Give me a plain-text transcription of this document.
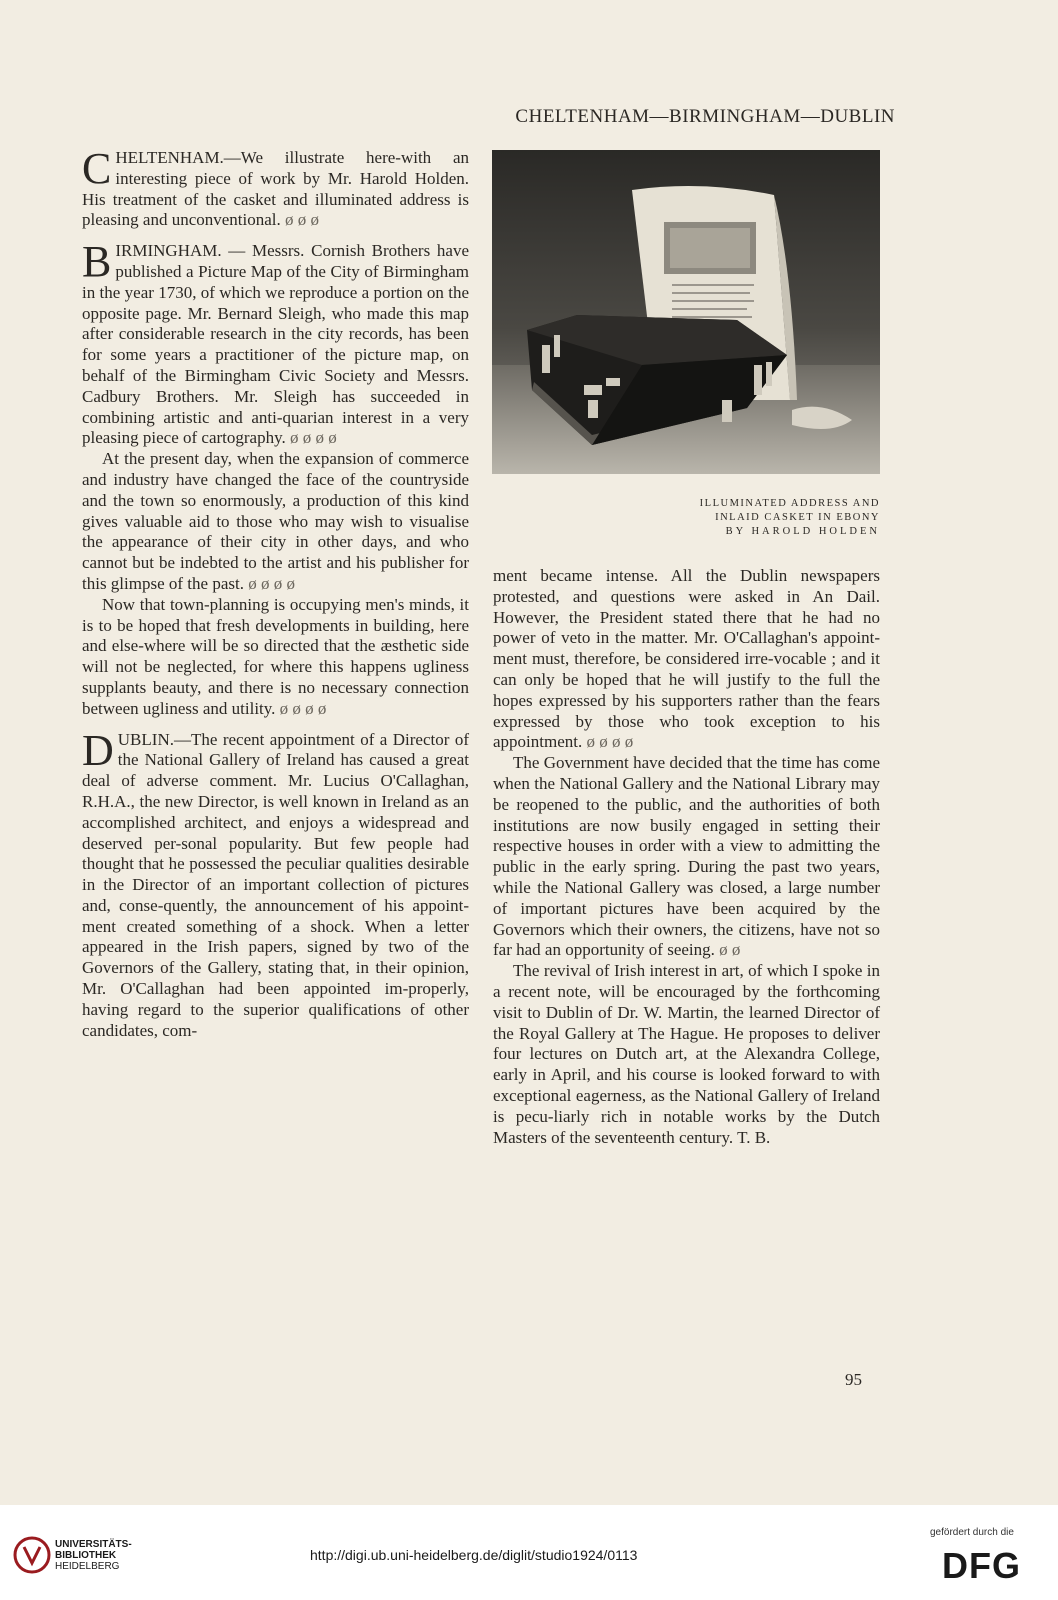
CHELTENHAM—BIRMINGHAM—DUBLIN

CHELTENHAM.—We illustrate here-with an interesting piece of work by Mr. Harold Holden. His treatment of the casket and illuminated address is pleasing and unconventional. ø ø ø

BIRMINGHAM. — Messrs. Cornish Brothers have published a Picture Map of the City of Birmingham in the year 1730, of which we reproduce a portion on the opposite page. Mr. Bernard Sleigh, who made this map after considerable research in the city records, has been for some years a practitioner of the picture map, on behalf of the Birmingham Civic Society and Messrs. Cadbury Brothers. Mr. Sleigh has succeeded in combining artistic and anti-quarian interest in a very pleasing piece of cartography. ø ø ø ø

At the present day, when the expansion of commerce and industry have changed the face of the countryside and the town so enormously, a production of this kind gives valuable aid to those who may wish to visualise the appearance of their city in other days, and who cannot but be indebted to the artist and his publisher for this glimpse of the past. ø ø ø ø

Now that town-planning is occupying men's minds, it is to be hoped that fresh developments in building, here and else-where will be so directed that the æsthetic side will not be neglected, for where this happens ugliness supplants beauty, and there is no necessary connection between ugliness and utility. ø ø ø ø

DUBLIN.—The recent appointment of a Director of the National Gallery of Ireland has caused a great deal of adverse comment. Mr. Lucius O'Callaghan, R.H.A., the new Director, is well known in Ireland as an accomplished architect, and enjoys a widespread and deserved per-sonal popularity. But few people had thought that he possessed the peculiar qualities desirable in the Director of an important collection of pictures and, conse-quently, the announcement of his appoint-ment created something of a shock. When a letter appeared in the Irish papers, signed by two of the Governors of the Gallery, stating that, in their opinion, Mr. O'Callaghan had been appointed im-properly, having regard to the superior qualifications of other candidates, com-

ILLUMINATED ADDRESS AND
INLAID CASKET IN EBONY
BY HAROLD HOLDEN

ment became intense. All the Dublin newspapers protested, and questions were asked in An Dail. However, the President stated there that he had no power of veto in the matter. Mr. O'Callaghan's appoint-ment must, therefore, be considered irre-vocable ; and it can only be hoped that he will justify to the full the hopes expressed by his supporters rather than the fears expressed by those who took exception to his appointment. ø ø ø ø

The Government have decided that the time has come when the National Gallery and the National Library may be reopened to the public, and the authorities of both institutions are now busily engaged in setting their respective houses in order with a view to admitting the public in the early spring. During the past two years, while the National Gallery was closed, a large number of important pictures have been acquired by the Governors which their owners, the citizens, have not so far had an opportunity of seeing. ø ø

The revival of Irish interest in art, of which I spoke in a recent note, will be encouraged by the forthcoming visit to Dublin of Dr. W. Martin, the learned Director of the Royal Gallery at The Hague. He proposes to deliver four lectures on Dutch art, at the Alexandra College, early in April, and his course is looked forward to with exceptional eagerness, as the National Gallery of Ireland is pecu-liarly rich in notable works by the Dutch Masters of the seventeenth century. T. B.

95
UNIVERSITÄTS-
BIBLIOTHEK
HEIDELBERG
http://digi.ub.uni-heidelberg.de/diglit/studio1924/0113
gefördert durch die
DFG
